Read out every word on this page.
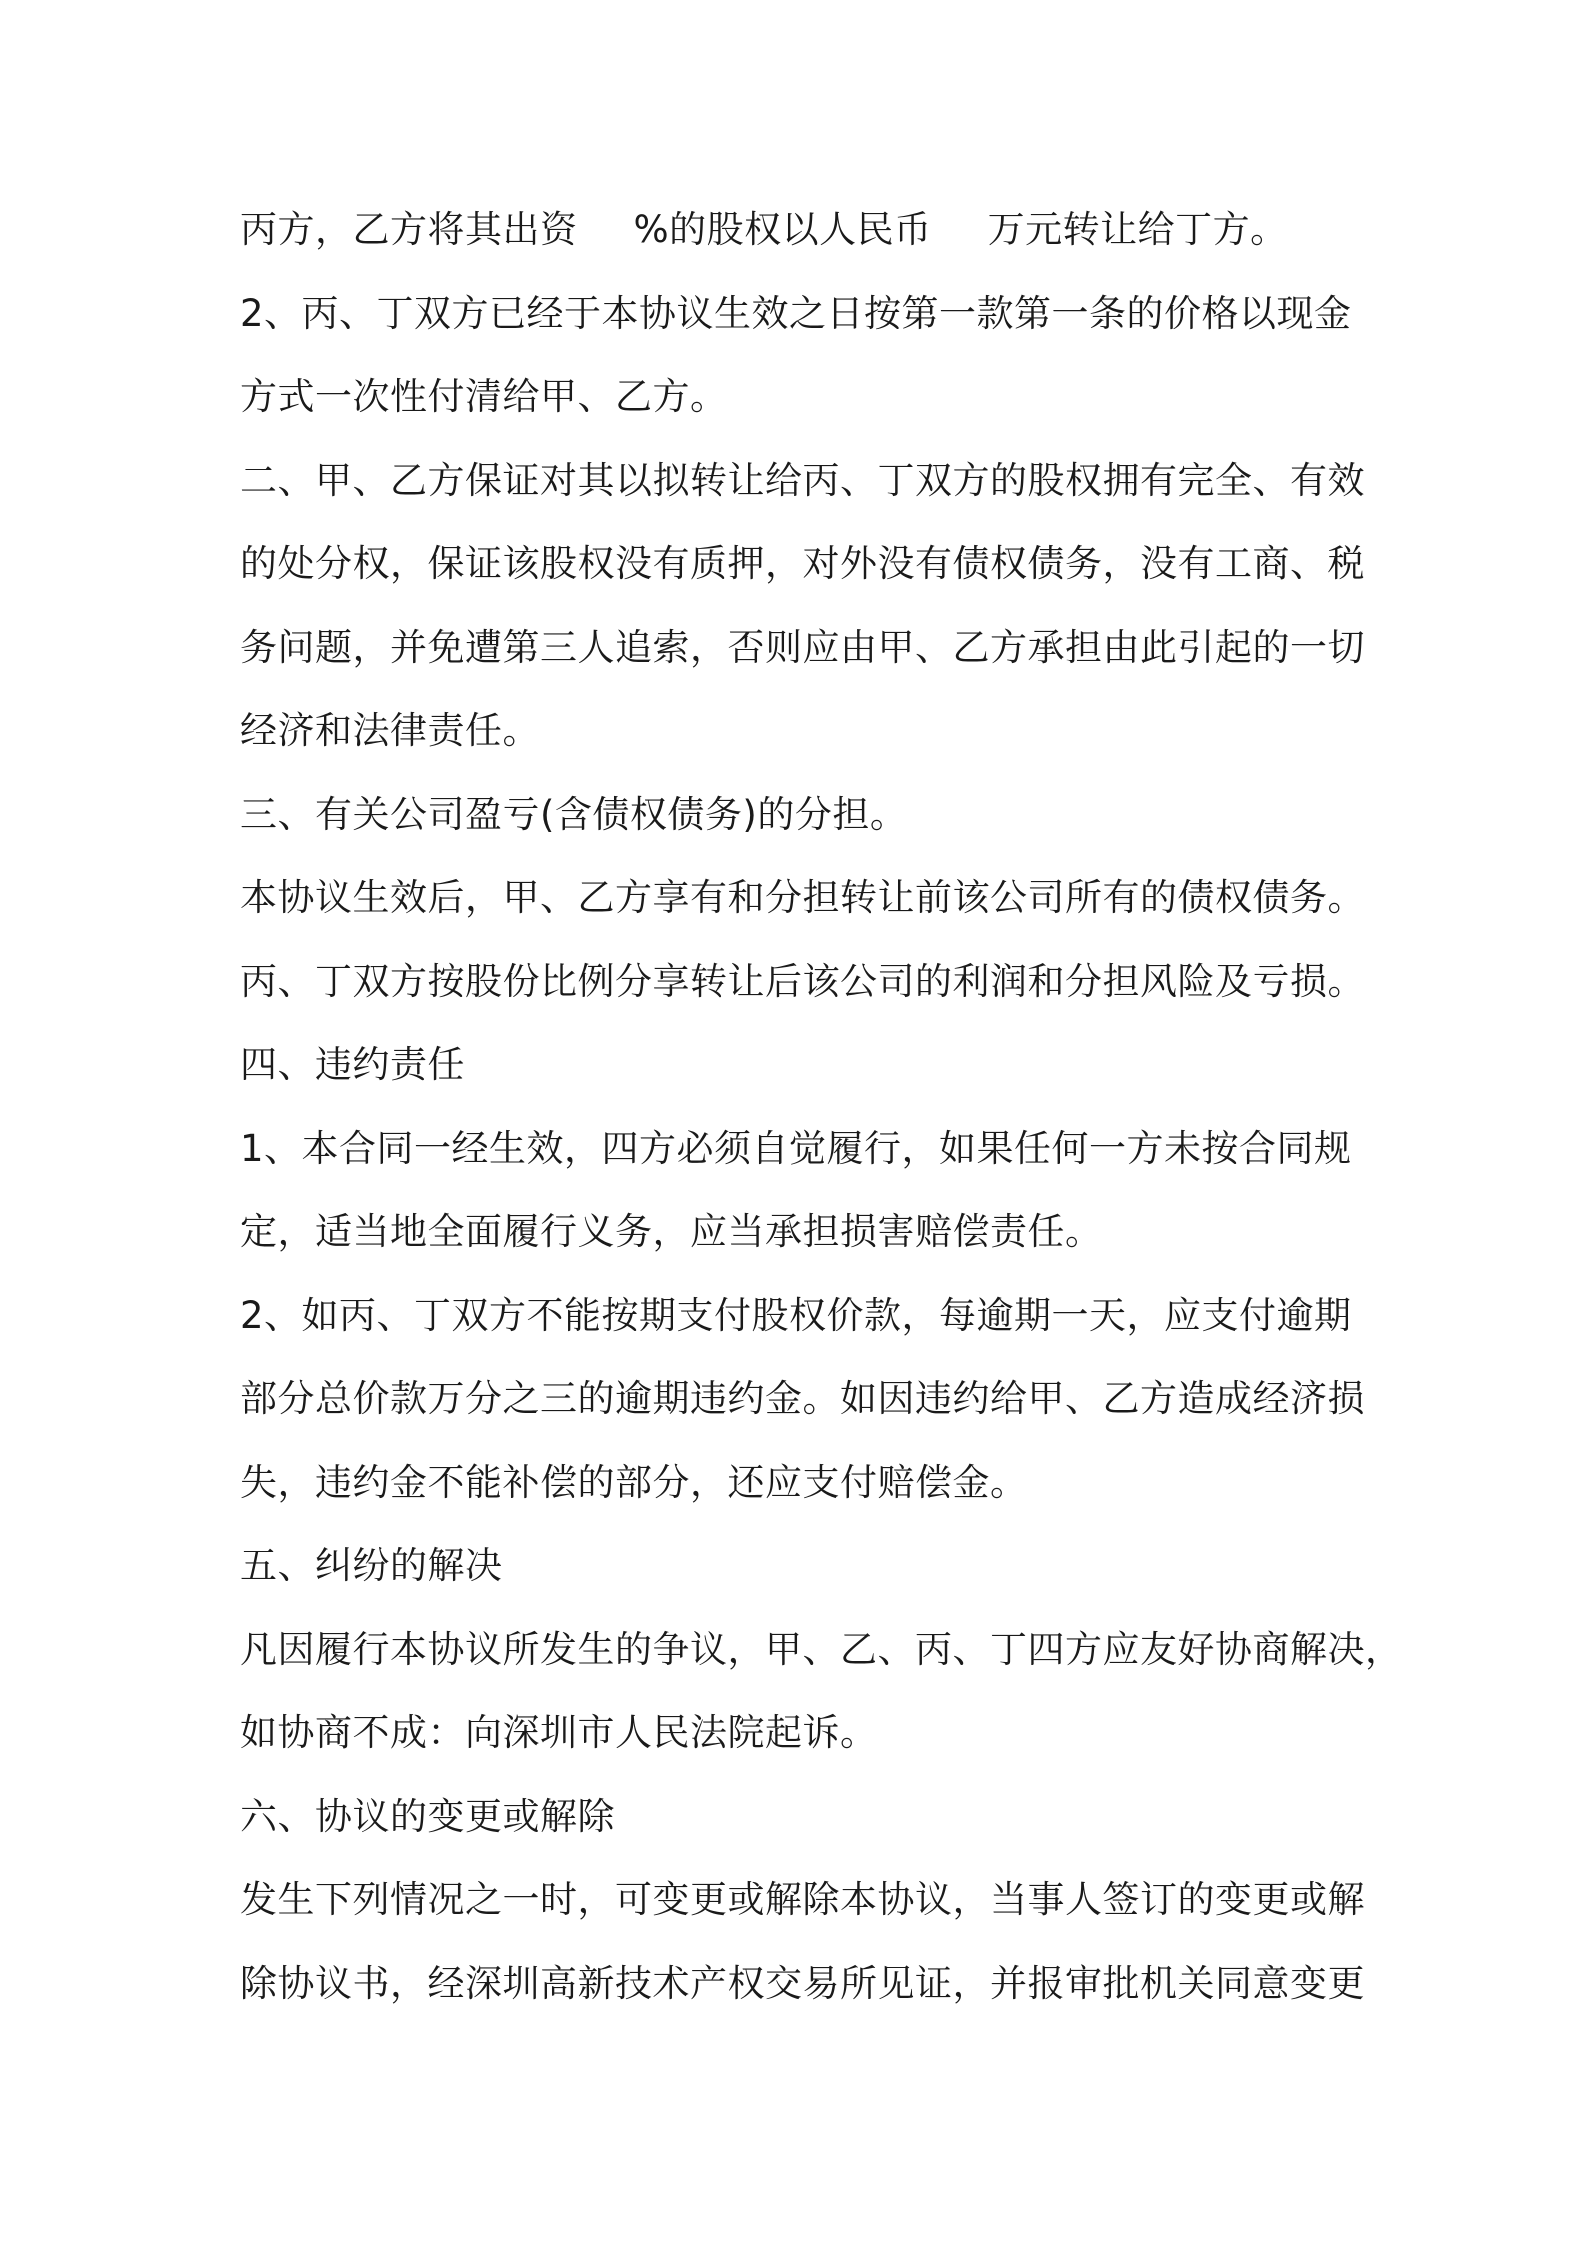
丙方，乙方将其出资 %的股权以人民币 万元转让给丁方。
2、丙、丁双方已经于本协议生效之日按第一款第一条的价格以现金
方式一次性付清给甲、乙方。
二、甲、乙方保证对其以拟转让给丙、丁双方的股权拥有完全、有效
的处分权，保证该股权没有质押，对外没有债权债务，没有工商、税
务问题，并免遭第三人追索，否则应由甲、乙方承担由此引起的一切
经济和法律责任。
三、有关公司盈亏(含债权债务)的分担。
本协议生效后，甲、乙方享有和分担转让前该公司所有的债权债务。
丙、丁双方按股份比例分享转让后该公司的利润和分担风险及亏损。
四、违约责任
1、本合同一经生效，四方必须自觉履行，如果任何一方未按合同规
定，适当地全面履行义务，应当承担损害赔偿责任。
2、如丙、丁双方不能按期支付股权价款，每逾期一天，应支付逾期
部分总价款万分之三的逾期违约金。如因违约给甲、乙方造成经济损
失，违约金不能补偿的部分，还应支付赔偿金。
五、纠纷的解决
凡因履行本协议所发生的争议，甲、乙、丙、丁四方应友好协商解决，
如协商不成：向深圳市人民法院起诉。
六、协议的变更或解除
发生下列情况之一时，可变更或解除本协议，当事人签订的变更或解
除协议书，经深圳高新技术产权交易所见证，并报审批机关同意变更
